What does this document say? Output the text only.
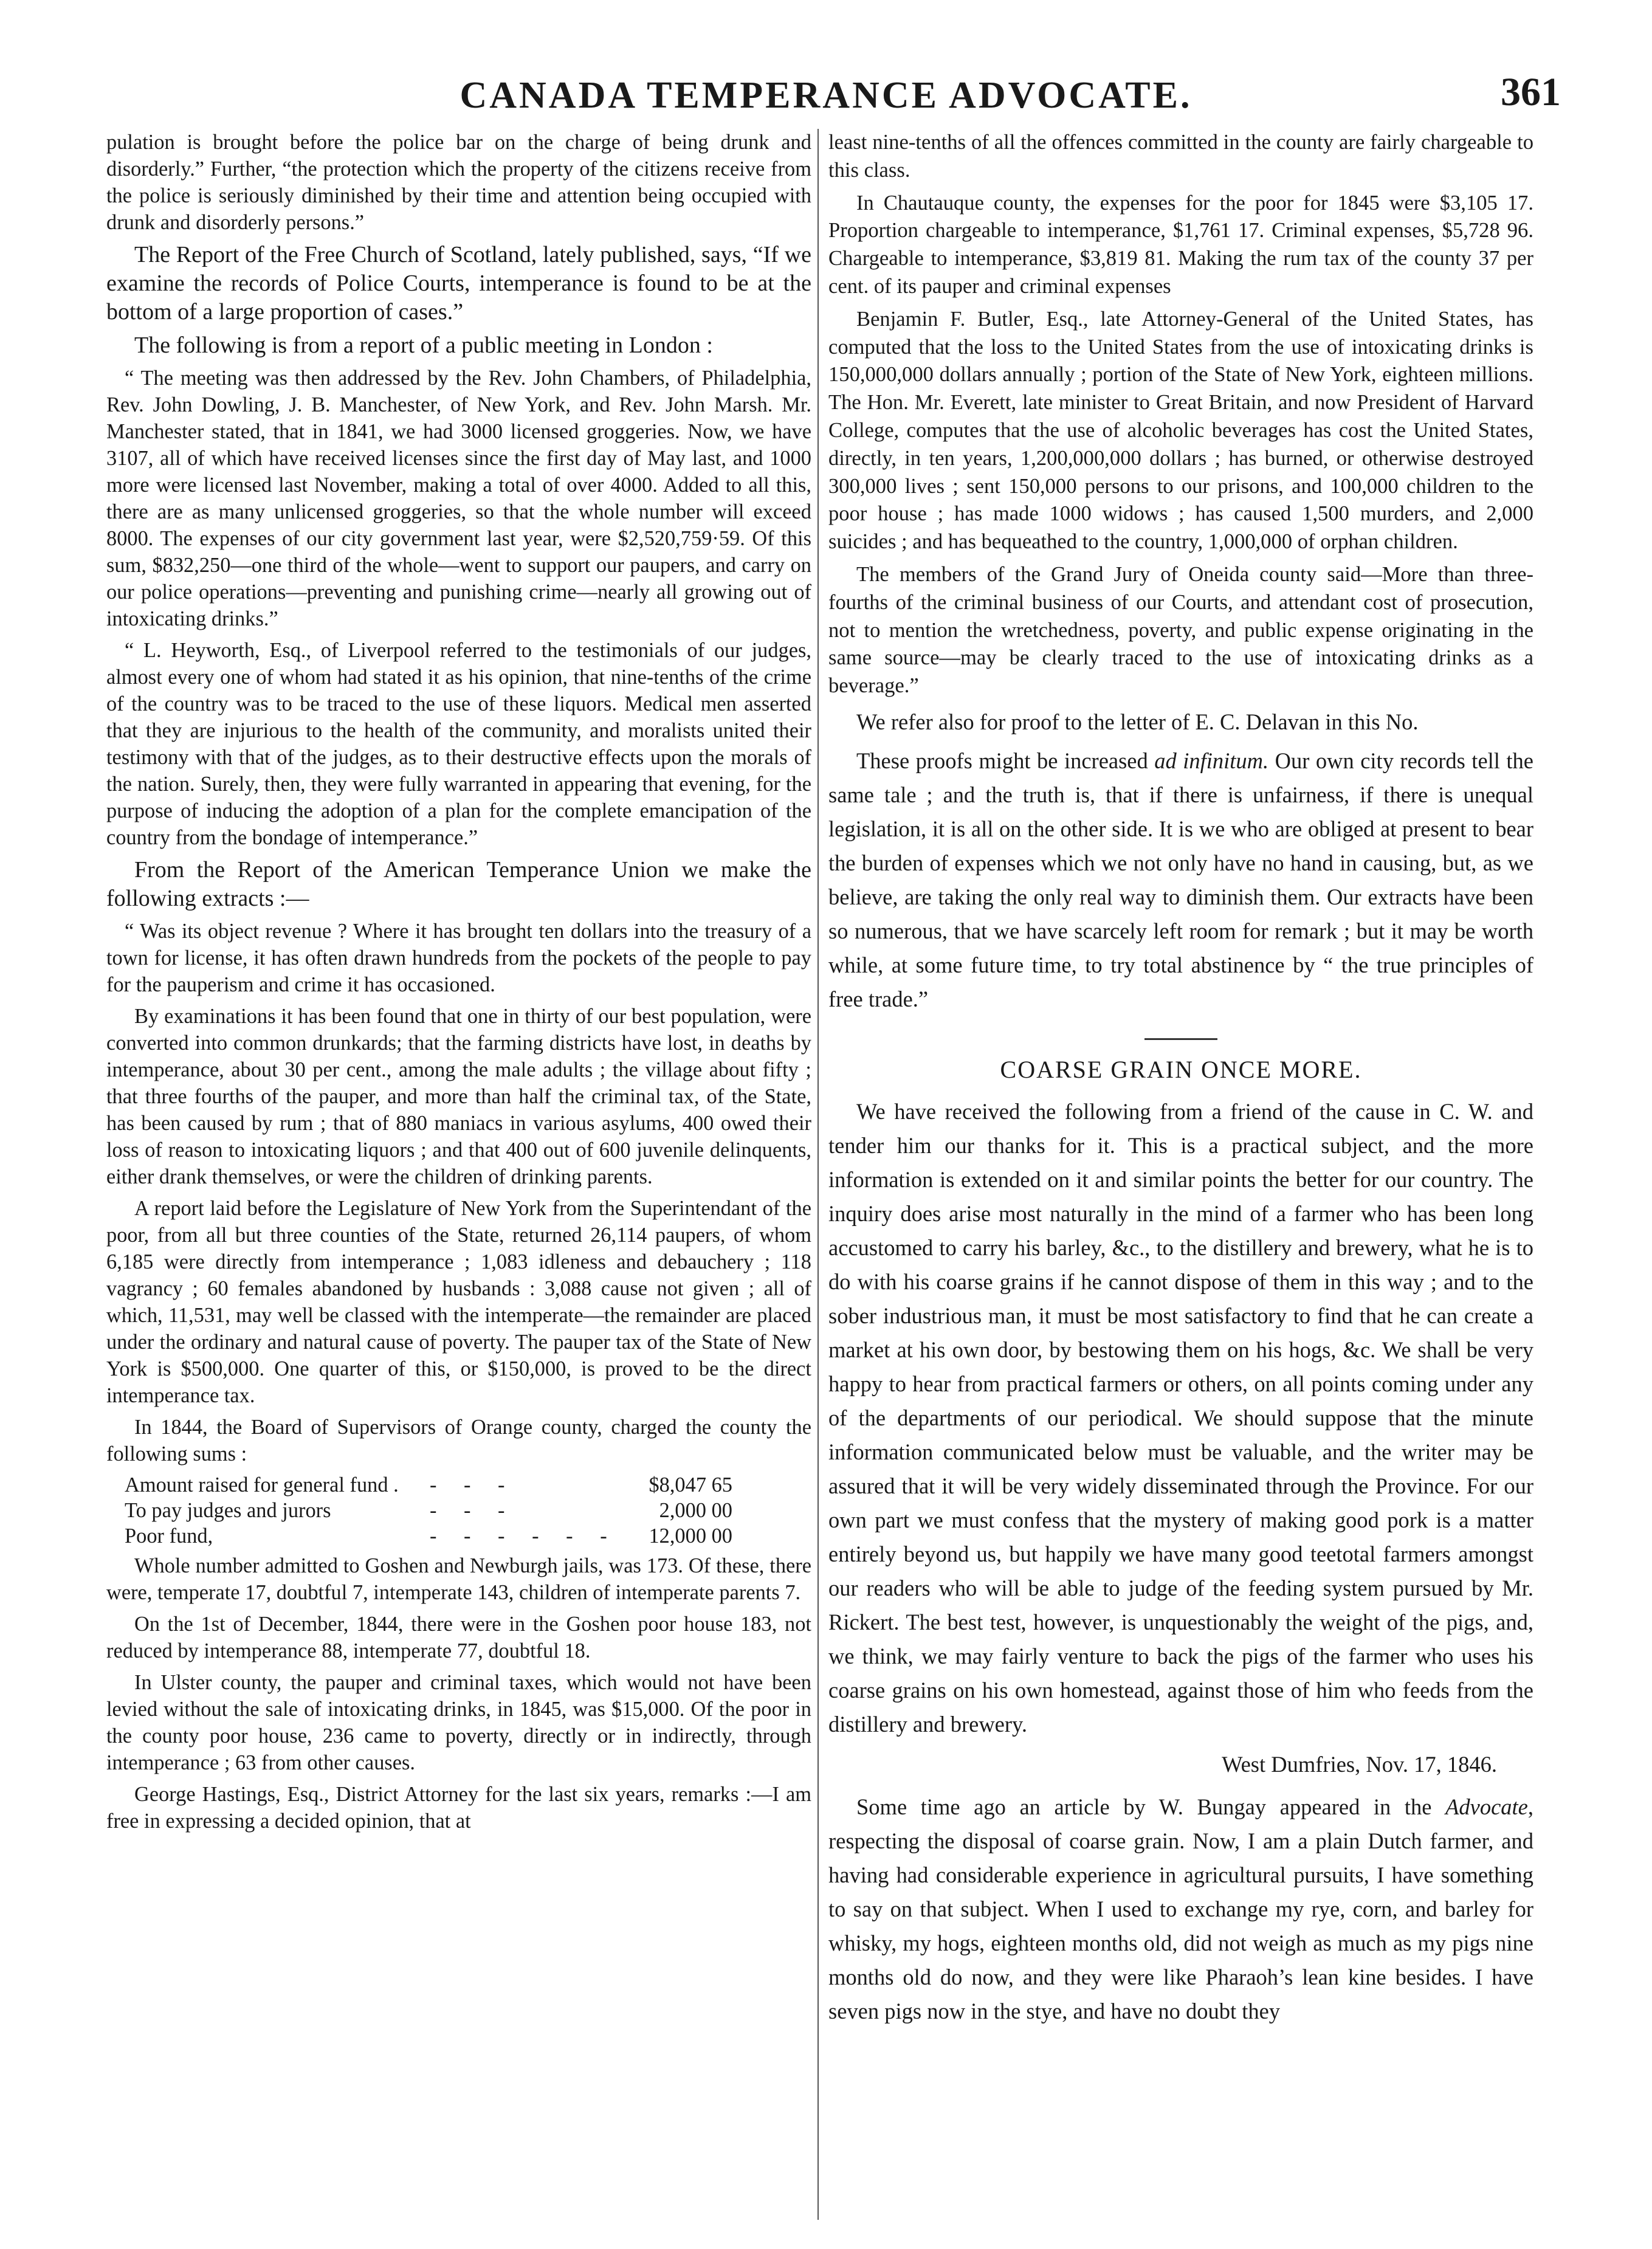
CANADA TEMPERANCE ADVOCATE.	361

pulation is brought before the police bar on the charge of being drunk and disorderly.” Further, “the protection which the property of the citizens receive from the police is seriously diminished by their time and attention being occupied with drunk and disorderly persons.”

The Report of the Free Church of Scotland, lately published, says, “If we examine the records of Police Courts, intemperance is found to be at the bottom of a large proportion of cases.”

The following is from a report of a public meeting in London :

“ The meeting was then addressed by the Rev. John Chambers, of Philadelphia, Rev. John Dowling, J. B. Manchester, of New York, and Rev. John Marsh. Mr. Manchester stated, that in 1841, we had 3000 licensed groggeries. Now, we have 3107, all of which have received licenses since the first day of May last, and 1000 more were licensed last November, making a total of over 4000. Added to all this, there are as many unlicensed groggeries, so that the whole number will exceed 8000. The expenses of our city government last year, were $2,520,759·59. Of this sum, $832,250—one third of the whole—went to support our paupers, and carry on our police operations—preventing and punishing crime—nearly all growing out of intoxicating drinks.”

“ L. Heyworth, Esq., of Liverpool referred to the testimonials of our judges, almost every one of whom had stated it as his opinion, that nine-tenths of the crime of the country was to be traced to the use of these liquors. Medical men asserted that they are injurious to the health of the community, and moralists united their testimony with that of the judges, as to their destructive effects upon the morals of the nation. Surely, then, they were fully warranted in appearing that evening, for the purpose of inducing the adoption of a plan for the complete emancipation of the country from the bondage of intemperance.”

From the Report of the American Temperance Union we make the following extracts :—

“ Was its object revenue ? Where it has brought ten dollars into the treasury of a town for license, it has often drawn hundreds from the pockets of the people to pay for the pauperism and crime it has occasioned.

By examinations it has been found that one in thirty of our best population, were converted into common drunkards; that the farming districts have lost, in deaths by intemperance, about 30 per cent., among the male adults ; the village about fifty ; that three fourths of the pauper, and more than half the criminal tax, of the State, has been caused by rum ; that of 880 maniacs in various asylums, 400 owed their loss of reason to intoxicating liquors ; and that 400 out of 600 juvenile delinquents, either drank themselves, or were the children of drinking parents.

A report laid before the Legislature of New York from the Superintendant of the poor, from all but three counties of the State, returned 26,114 paupers, of whom 6,185 were directly from intemperance ; 1,083 idleness and debauchery ; 118 vagrancy ; 60 females abandoned by husbands : 3,088 cause not given ; all of which, 11,531, may well be classed with the intemperate—the remainder are placed under the ordinary and natural cause of poverty. The pauper tax of the State of New York is $500,000. One quarter of this, or $150,000, is proved to be the direct intemperance tax.

In 1844, the Board of Supervisors of Orange county, charged the county the following sums :

Amount raised for general fund .	- - -	$8,047 65
To pay judges and jurors	- - -	2,000 00
Poor fund,	- - - - - -	12,000 00

Whole number admitted to Goshen and Newburgh jails, was 173. Of these, there were, temperate 17, doubtful 7, intemperate 143, children of intemperate parents 7.

On the 1st of December, 1844, there were in the Goshen poor house 183, not reduced by intemperance 88, intemperate 77, doubtful 18.

In Ulster county, the pauper and criminal taxes, which would not have been levied without the sale of intoxicating drinks, in 1845, was $15,000. Of the poor in the county poor house, 236 came to poverty, directly or in indirectly, through intemperance ; 63 from other causes.

George Hastings, Esq., District Attorney for the last six years, remarks :—I am free in expressing a decided opinion, that at

least nine-tenths of all the offences committed in the county are fairly chargeable to this class.

In Chautauque county, the expenses for the poor for 1845 were $3,105 17. Proportion chargeable to intemperance, $1,761 17. Criminal expenses, $5,728 96. Chargeable to intemperance, $3,819 81. Making the rum tax of the county 37 per cent. of its pauper and criminal expenses

Benjamin F. Butler, Esq., late Attorney-General of the United States, has computed that the loss to the United States from the use of intoxicating drinks is 150,000,000 dollars annually ; portion of the State of New York, eighteen millions. The Hon. Mr. Everett, late minister to Great Britain, and now President of Harvard College, computes that the use of alcoholic beverages has cost the United States, directly, in ten years, 1,200,000,000 dollars ; has burned, or otherwise destroyed 300,000 lives ; sent 150,000 persons to our prisons, and 100,000 children to the poor house ; has made 1000 widows ; has caused 1,500 murders, and 2,000 suicides ; and has bequeathed to the country, 1,000,000 of orphan children.

The members of the Grand Jury of Oneida county said—More than three-fourths of the criminal business of our Courts, and attendant cost of prosecution, not to mention the wretchedness, poverty, and public expense originating in the same source—may be clearly traced to the use of intoxicating drinks as a beverage.”

We refer also for proof to the letter of E. C. Delavan in this No.

These proofs might be increased ad infinitum. Our own city records tell the same tale ; and the truth is, that if there is unfairness, if there is unequal legislation, it is all on the other side. It is we who are obliged at present to bear the burden of expenses which we not only have no hand in causing, but, as we believe, are taking the only real way to diminish them. Our extracts have been so numerous, that we have scarcely left room for remark ; but it may be worth while, at some future time, to try total abstinence by “ the true principles of free trade.”

COARSE GRAIN ONCE MORE.

We have received the following from a friend of the cause in C. W. and tender him our thanks for it. This is a practical subject, and the more information is extended on it and similar points the better for our country. The inquiry does arise most naturally in the mind of a farmer who has been long accustomed to carry his barley, &c., to the distillery and brewery, what he is to do with his coarse grains if he cannot dispose of them in this way ; and to the sober industrious man, it must be most satisfactory to find that he can create a market at his own door, by bestowing them on his hogs, &c. We shall be very happy to hear from practical farmers or others, on all points coming under any of the departments of our periodical. We should suppose that the minute information communicated below must be valuable, and the writer may be assured that it will be very widely disseminated through the Province. For our own part we must confess that the mystery of making good pork is a matter entirely beyond us, but happily we have many good teetotal farmers amongst our readers who will be able to judge of the feeding system pursued by Mr. Rickert. The best test, however, is unquestionably the weight of the pigs, and, we think, we may fairly venture to back the pigs of the farmer who uses his coarse grains on his own homestead, against those of him who feeds from the distillery and brewery.

West Dumfries, Nov. 17, 1846.

Some time ago an article by W. Bungay appeared in the Advocate, respecting the disposal of coarse grain. Now, I am a plain Dutch farmer, and having had considerable experience in agricultural pursuits, I have something to say on that subject. When I used to exchange my rye, corn, and barley for whisky, my hogs, eighteen months old, did not weigh as much as my pigs nine months old do now, and they were like Pharaoh’s lean kine besides. I have seven pigs now in the stye, and have no doubt they
